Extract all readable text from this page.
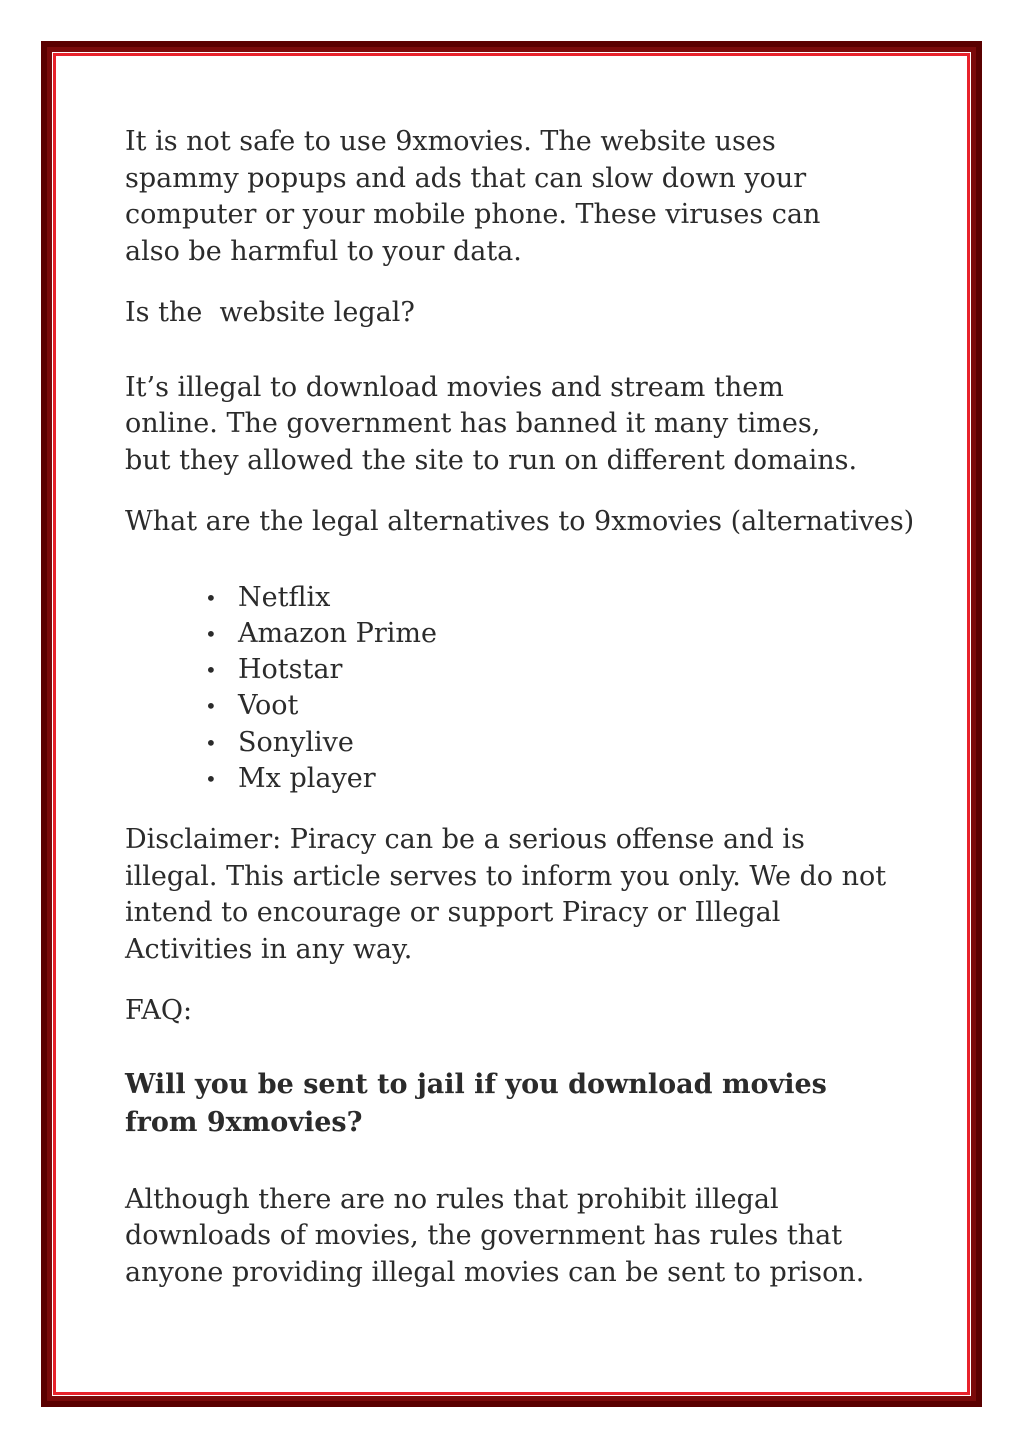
It is not safe to use 9xmovies. The website uses spammy popups and ads that can slow down your computer or your mobile phone. These viruses can also be harmful to your data.

Is the  website legal?

It’s illegal to download movies and stream them online. The government has banned it many times, but they allowed the site to run on different domains.

What are the legal alternatives to 9xmovies (alternatives)

• Netflix
• Amazon Prime
• Hotstar
• Voot
• Sonylive
• Mx player

Disclaimer: Piracy can be a serious offense and is illegal. This article serves to inform you only. We do not intend to encourage or support Piracy or Illegal Activities in any way.

FAQ:

Will you be sent to jail if you download movies from 9xmovies?

Although there are no rules that prohibit illegal downloads of movies, the government has rules that anyone providing illegal movies can be sent to prison.
